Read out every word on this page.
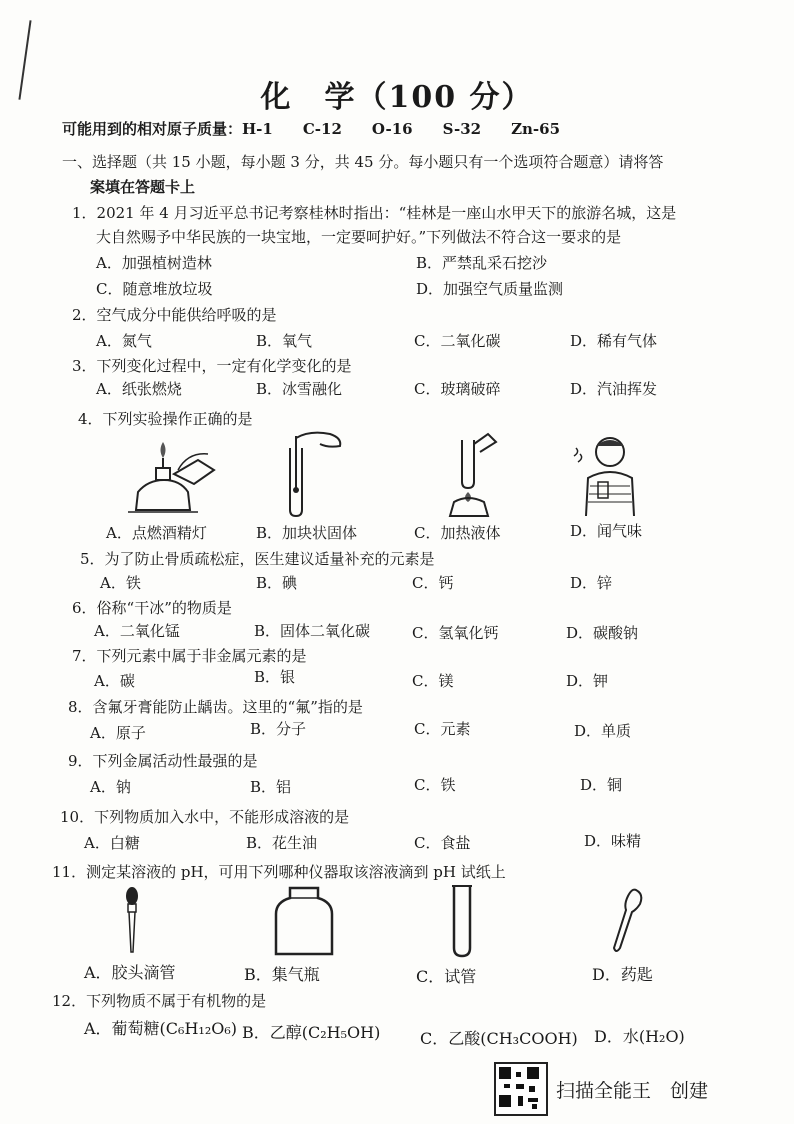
化　学（100 分）
可能用到的相对原子质量：H-1　　C-12　　O-16　　S-32　　Zn-65
一、选择题（共 15 小题，每小题 3 分，共 45 分。每小题只有一个选项符合题意）请将答
案填在答题卡上
1．2021 年 4 月习近平总书记考察桂林时指出：“桂林是一座山水甲天下的旅游名城，这是
大自然赐予中华民族的一块宝地，一定要呵护好。”下列做法不符合这一要求的是
A．加强植树造林	B．严禁乱采石挖沙
C．随意堆放垃圾	D．加强空气质量监测
2．空气成分中能供给呼吸的是
A．氮气	B．氧气	C．二氧化碳	D．稀有气体
3．下列变化过程中，一定有化学变化的是
A．纸张燃烧	B．冰雪融化	C．玻璃破碎	D．汽油挥发
4．下列实验操作正确的是
A．点燃酒精灯	B．加块状固体	C．加热液体	D．闻气味
5．为了防止骨质疏松症，医生建议适量补充的元素是
A．铁	B．碘	C．钙	D．锌
6．俗称“干冰”的物质是
A．二氧化锰	B．固体二氧化碳	C．氢氧化钙	D．碳酸钠
7．下列元素中属于非金属元素的是
A．碳	B．银	C．镁	D．钾
8．含氟牙膏能防止龋齿。这里的“氟”指的是
A．原子	B．分子	C．元素	D．单质
9．下列金属活动性最强的是
A．钠	B．铝	C．铁	D．铜
10．下列物质加入水中，不能形成溶液的是
A．白糖	B．花生油	C．食盐	D．味精
11．测定某溶液的 pH，可用下列哪种仪器取该溶液滴到 pH 试纸上
A．胶头滴管	B．集气瓶	C．试管	D．药匙
12．下列物质不属于有机物的是
A．葡萄糖(C₆H₁₂O₆) B．乙醇(C₂H₅OH) C．乙酸(CH₃COOH) D．水(H₂O)
扫描全能王　创建
